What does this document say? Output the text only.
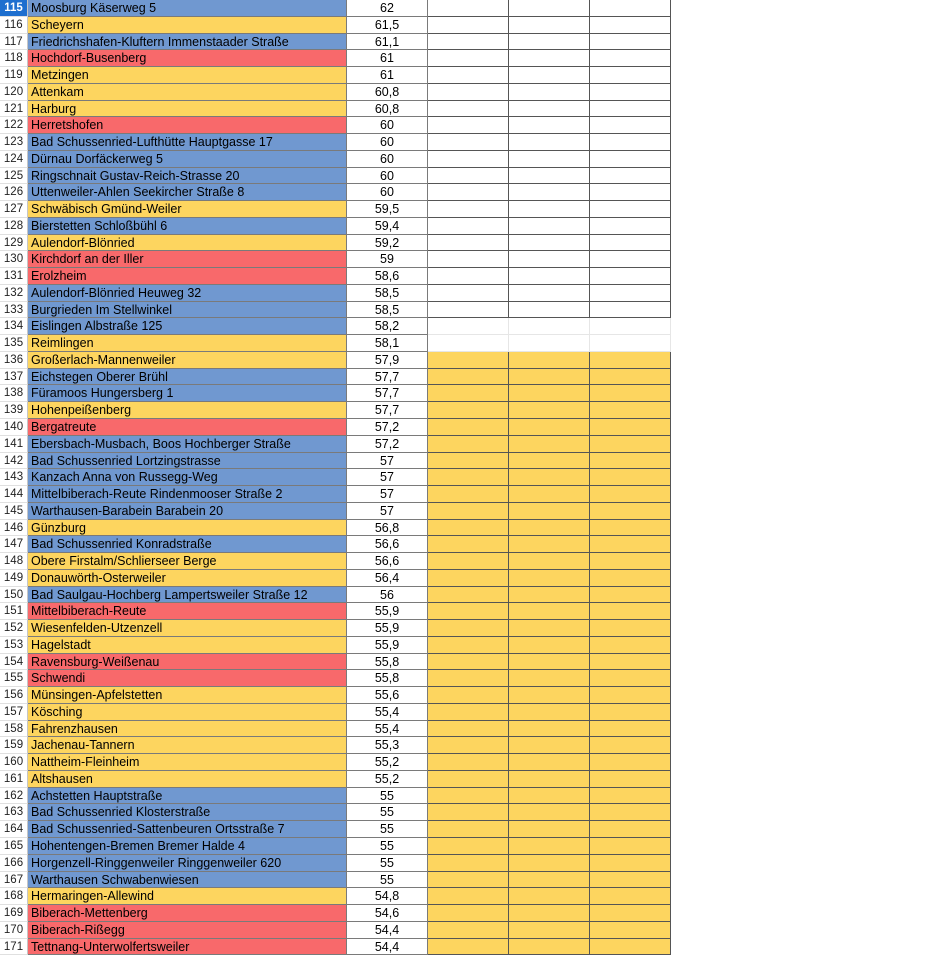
115 Moosburg Käserweg 5	62
116 Scheyern	61,5
117 Friedrichshafen-Kluftern Immenstaader Straße	61,1
118 Hochdorf-Busenberg	61
119 Metzingen	61
120 Attenkam	60,8
121 Harburg	60,8
122 Herretshofen	60
123 Bad Schussenried-Lufthütte Hauptgasse 17	60
124 Dürnau Dorfäckerweg 5	60
125 Ringschnait Gustav-Reich-Strasse 20	60
126 Uttenweiler-Ahlen Seekircher Straße 8	60
127 Schwäbisch Gmünd-Weiler	59,5
128 Bierstetten Schloßbühl 6	59,4
129 Aulendorf-Blönried	59,2
130 Kirchdorf an der Iller	59
131 Erolzheim	58,6
132 Aulendorf-Blönried Heuweg 32	58,5
133 Burgrieden Im Stellwinkel	58,5
134 Eislingen Albstraße 125	58,2
135 Reimlingen	58,1
136 Großerlach-Mannenweiler	57,9
137 Eichstegen Oberer Brühl	57,7
138 Füramoos Hungersberg 1	57,7
139 Hohenpeißenberg	57,7
140 Bergatreute	57,2
141 Ebersbach-Musbach, Boos Hochberger Straße	57,2
142 Bad Schussenried Lortzingstrasse	57
143 Kanzach Anna von Russegg-Weg	57
144 Mittelbiberach-Reute Rindenmooser Straße 2	57
145 Warthausen-Barabein Barabein 20	57
146 Günzburg	56,8
147 Bad Schussenried Konradstraße	56,6
148 Obere Firstalm/Schlierseer Berge	56,6
149 Donauwörth-Osterweiler	56,4
150 Bad Saulgau-Hochberg Lampertsweiler Straße 12	56
151 Mittelbiberach-Reute	55,9
152 Wiesenfelden-Utzenzell	55,9
153 Hagelstadt	55,9
154 Ravensburg-Weißenau	55,8
155 Schwendi	55,8
156 Münsingen-Apfelstetten	55,6
157 Kösching	55,4
158 Fahrenzhausen	55,4
159 Jachenau-Tannern	55,3
160 Nattheim-Fleinheim	55,2
161 Altshausen	55,2
162 Achstetten Hauptstraße	55
163 Bad Schussenried Klosterstraße	55
164 Bad Schussenried-Sattenbeuren Ortsstraße 7	55
165 Hohentengen-Bremen Bremer Halde 4	55
166 Horgenzell-Ringgenweiler Ringgenweiler 620	55
167 Warthausen Schwabenwiesen	55
168 Hermaringen-Allewind	54,8
169 Biberach-Mettenberg	54,6
170 Biberach-Rißegg	54,4
171 Tettnang-Unterwolfertsweiler	54,4
